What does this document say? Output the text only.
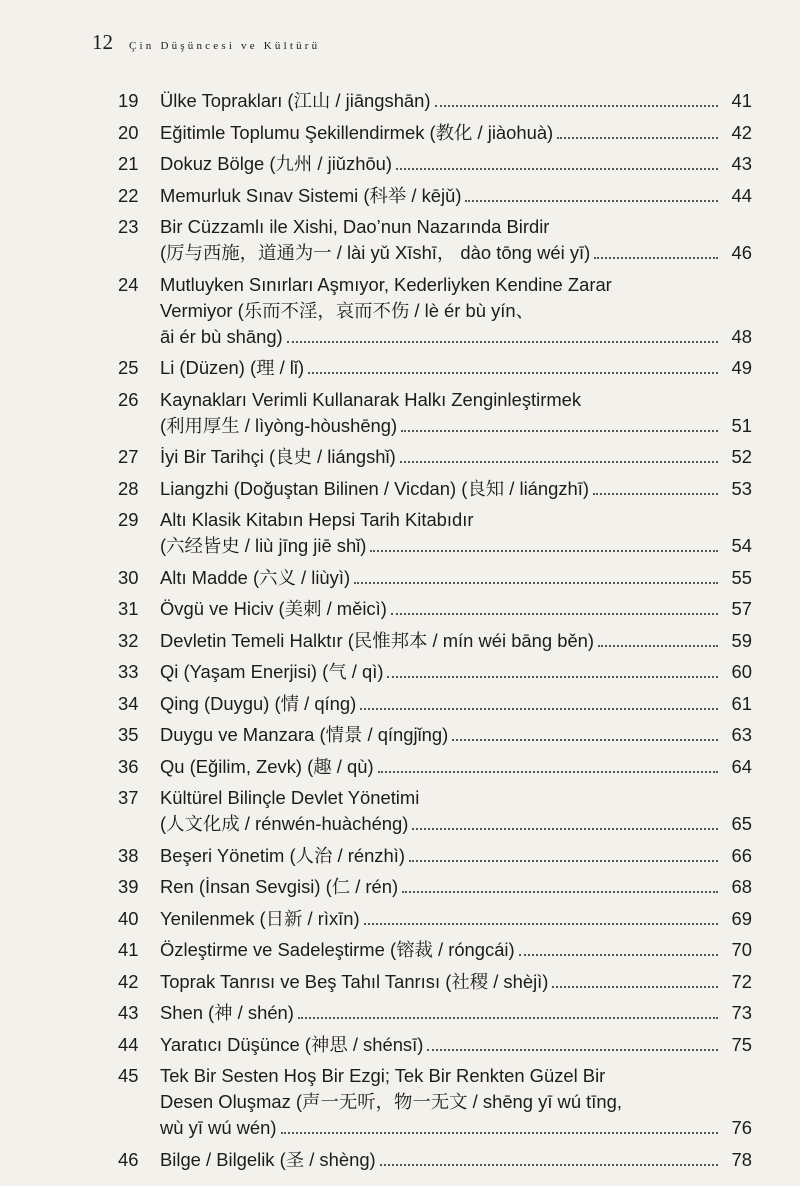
12 Çin Düşüncesi ve Kültürü
19	Ülke Toprakları (江山 / jiāngshān)	41
20	Eğitimle Toplumu Şekillendirmek (教化 / jiàohuà)	42
21	Dokuz Bölge (九州 / jiǔzhōu)	43
22	Memurluk Sınav Sistemi (科举 / kējǔ)	44
23	Bir Cüzzamlı ile Xishi, Dao’nun Nazarında Birdir
(厉与西施，道通为一 / lài yǔ Xīshī， dào tōng wéi yī)	46
24	Mutluyken Sınırları Aşmıyor, Kederliyken Kendine Zarar
Vermiyor (乐而不淫，哀而不伤 / lè ér bù yín、
āi ér bù shāng)	48
25	Li (Düzen) (理 / lǐ)	49
26	Kaynakları Verimli Kullanarak Halkı Zenginleştirmek
(利用厚生 / lìyòng-hòushēng)	51
27	İyi Bir Tarihçi (良史 / liángshǐ)	52
28	Liangzhi (Doğuştan Bilinen / Vicdan) (良知 / liángzhī)	53
29	Altı Klasik Kitabın Hepsi Tarih Kitabıdır
(六经皆史 / liù jīng jiē shǐ)	54
30	Altı Madde (六义 / liùyì)	55
31	Övgü ve Hiciv (美刺 / měicì)	57
32	Devletin Temeli Halktır (民惟邦本 / mín wéi bāng běn)	59
33	Qi (Yaşam Enerjisi) (气 / qì)	60
34	Qing (Duygu) (情 / qíng)	61
35	Duygu ve Manzara (情景 / qíngjǐng)	63
36	Qu (Eğilim, Zevk) (趣 / qù)	64
37	Kültürel Bilinçle Devlet Yönetimi
(人文化成 / rénwén-huàchéng)	65
38	Beşeri Yönetim (人治 / rénzhì)	66
39	Ren (İnsan Sevgisi) (仁 / rén)	68
40	Yenilenmek (日新 / rìxīn)	69
41	Özleştirme ve Sadeleştirme (镕裁 / róngcái)	70
42	Toprak Tanrısı ve Beş Tahıl Tanrısı (社稷 / shèjì)	72
43	Shen (神 / shén)	73
44	Yaratıcı Düşünce (神思 / shénsī)	75
45	Tek Bir Sesten Hoş Bir Ezgi; Tek Bir Renkten Güzel Bir
Desen Oluşmaz (声一无听，物一无文 / shēng yī wú tīng,
wù yī wú wén)	76
46	Bilge / Bilgelik (圣 / shèng)	78
